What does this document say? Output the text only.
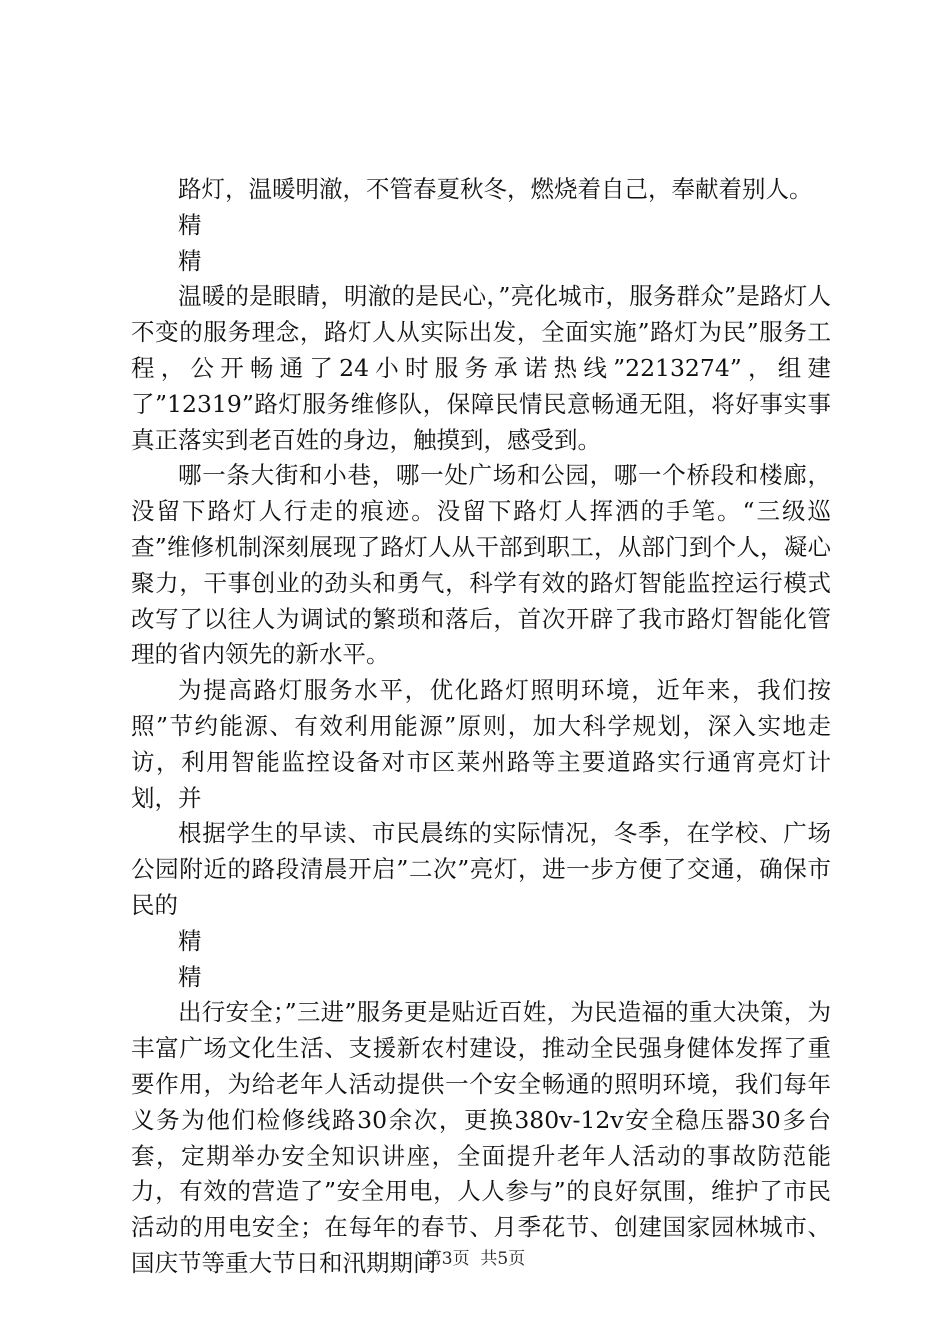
路灯，温暖明澈，不管春夏秋冬，燃烧着自己，奉献着别人。

精

精

温暖的是眼睛，明澈的是民心，”亮化城市，服务群众”是路灯人不变的服务理念，路灯人从实际出发，全面实施”路灯为民”服务工程，公开畅通了24小时服务承诺热线”2213274”，组建了”12319”路灯服务维修队，保障民情民意畅通无阻，将好事实事真正落实到老百姓的身边，触摸到，感受到。

哪一条大街和小巷，哪一处广场和公园，哪一个桥段和楼廊，没留下路灯人行走的痕迹。没留下路灯人挥洒的手笔。“三级巡查”维修机制深刻展现了路灯人从干部到职工，从部门到个人，凝心聚力，干事创业的劲头和勇气，科学有效的路灯智能监控运行模式改写了以往人为调试的繁琐和落后，首次开辟了我市路灯智能化管理的省内领先的新水平。

为提高路灯服务水平，优化路灯照明环境，近年来，我们按照”节约能源、有效利用能源”原则，加大科学规划，深入实地走访，利用智能监控设备对市区莱州路等主要道路实行通宵亮灯计划，并

根据学生的早读、市民晨练的实际情况，冬季，在学校、广场公园附近的路段清晨开启”二次”亮灯，进一步方便了交通，确保市民的

精

精

出行安全；”三进”服务更是贴近百姓，为民造福的重大决策，为丰富广场文化生活、支援新农村建设，推动全民强身健体发挥了重要作用，为给老年人活动提供一个安全畅通的照明环境，我们每年义务为他们检修线路30余次，更换380v-12v安全稳压器30多台套，定期举办安全知识讲座，全面提升老年人活动的事故防范能力，有效的营造了”安全用电，人人参与”的良好氛围，维护了市民活动的用电安全；在每年的春节、月季花节、创建国家园林城市、国庆节等重大节日和汛期期间

第3页  共5页
